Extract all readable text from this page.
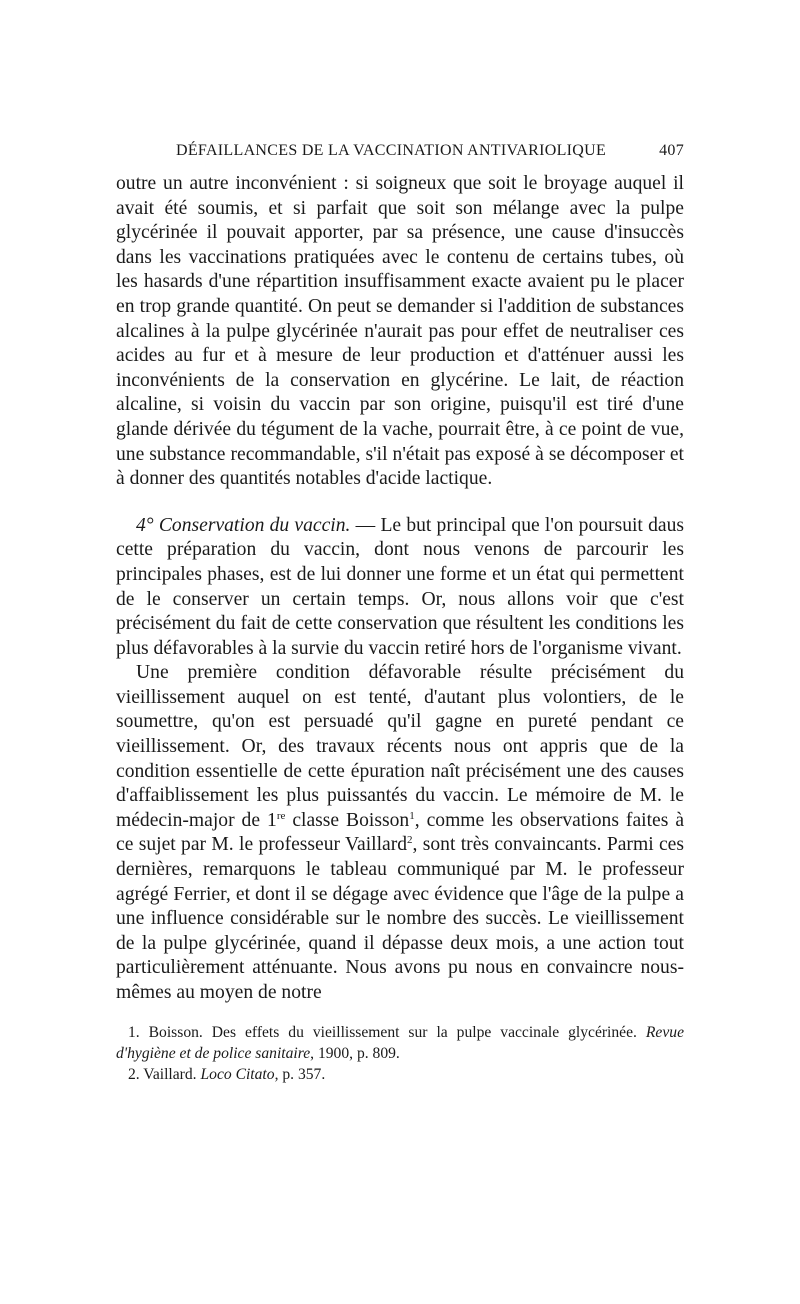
DÉFAILLANCES DE LA VACCINATION ANTIVARIOLIQUE	407

outre un autre inconvénient : si soigneux que soit le broyage auquel il avait été soumis, et si parfait que soit son mélange avec la pulpe glycérinée il pouvait apporter, par sa présence, une cause d'insuccès dans les vaccinations pratiquées avec le contenu de certains tubes, où les hasards d'une répartition insuffisamment exacte avaient pu le placer en trop grande quantité. On peut se demander si l'addition de substances alcalines à la pulpe glycérinée n'aurait pas pour effet de neutraliser ces acides au fur et à mesure de leur production et d'atténuer aussi les inconvénients de la conservation en glycérine. Le lait, de réaction alcaline, si voisin du vaccin par son origine, puisqu'il est tiré d'une glande dérivée du tégument de la vache, pourrait être, à ce point de vue, une substance recommandable, s'il n'était pas exposé à se décomposer et à donner des quantités notables d'acide lactique.

4° Conservation du vaccin. — Le but principal que l'on poursuit daus cette préparation du vaccin, dont nous venons de parcourir les principales phases, est de lui donner une forme et un état qui permettent de le conserver un certain temps. Or, nous allons voir que c'est précisément du fait de cette conservation que résultent les conditions les plus défavorables à la survie du vaccin retiré hors de l'organisme vivant.

Une première condition défavorable résulte précisément du vieillissement auquel on est tenté, d'autant plus volontiers, de le soumettre, qu'on est persuadé qu'il gagne en pureté pendant ce vieillissement. Or, des travaux récents nous ont appris que de la condition essentielle de cette épuration naît précisément une des causes d'affaiblissement les plus puissantés du vaccin. Le mémoire de M. le médecin-major de 1re classe Boisson$^1$, comme les observations faites à ce sujet par M. le professeur Vaillard$^2$, sont très convaincants. Parmi ces dernières, remarquons le tableau communiqué par M. le professeur agrégé Ferrier, et dont il se dégage avec évidence que l'âge de la pulpe a une influence considérable sur le nombre des succès. Le vieillissement de la pulpe glycérinée, quand il dépasse deux mois, a une action tout particulièrement atténuante. Nous avons pu nous en convaincre nous-mêmes au moyen de notre

1. Boisson. Des effets du vieillissement sur la pulpe vaccinale glycérinée. Revue d'hygiène et de police sanitaire, 1900, p. 809.

2. Vaillard. Loco Citato, p. 357.
